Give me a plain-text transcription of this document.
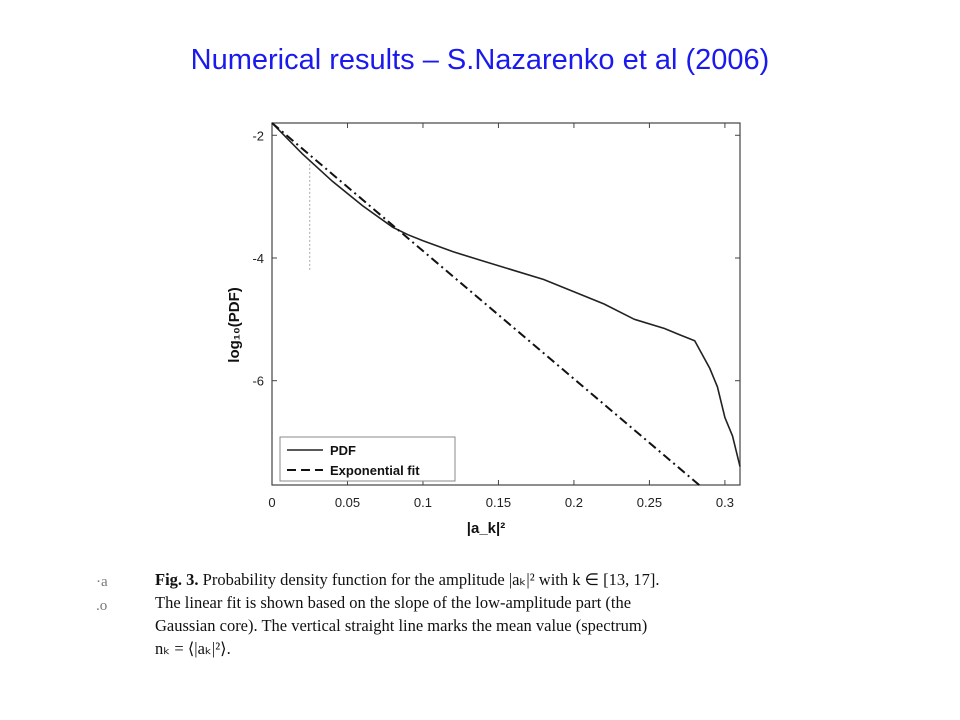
Numerical results – S.Nazarenko et al (2006)
0	0.05	0.1	0.15	0.2	0.25	0.3
-2
-4
-6
|a_k|²
log₁₀(PDF)
PDF
Exponential fit
Fig. 3. Probability density function for the amplitude |aₖ|² with k ∈ [13, 17].
The linear fit is shown based on the slope of the low-amplitude part (the
Gaussian core). The vertical straight line marks the mean value (spectrum)
nₖ = ⟨|aₖ|²⟩.
·a
.o
